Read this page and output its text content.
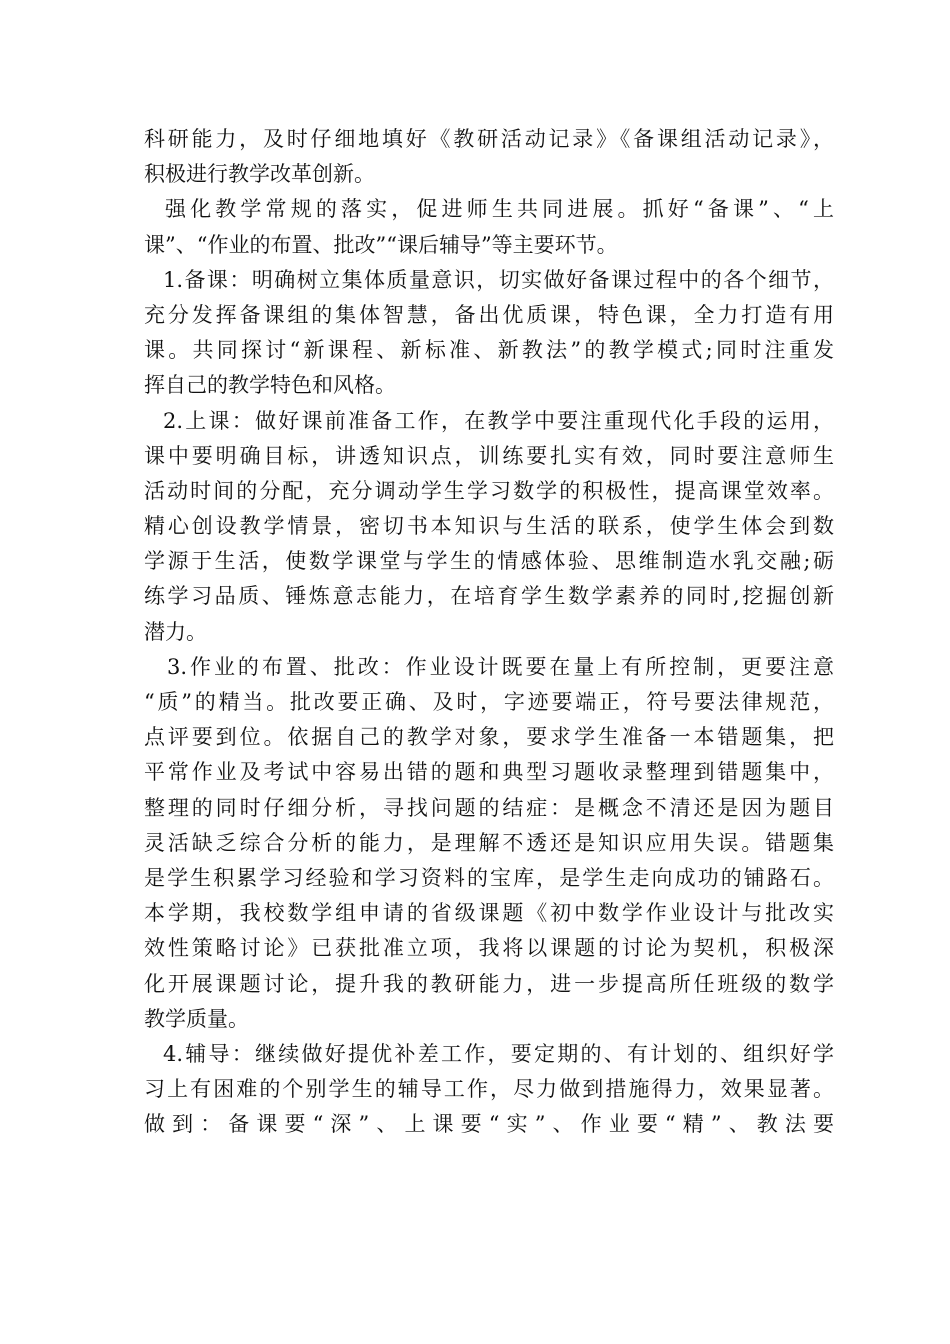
科研能力，及时仔细地填好《教研活动记录》《备课组活动记录》，
积极进行教学改革创新。
强化教学常规的落实，促进师生共同进展。抓好“备课”、“上
课”、“作业的布置、批改”“课后辅导”等主要环节。
1.备课：明确树立集体质量意识，切实做好备课过程中的各个细节，
充分发挥备课组的集体智慧，备出优质课，特色课，全力打造有用
课。共同探讨“新课程、新标准、新教法”的教学模式;同时注重发
挥自己的教学特色和风格。
2.上课：做好课前准备工作，在教学中要注重现代化手段的运用，
课中要明确目标，讲透知识点，训练要扎实有效，同时要注意师生
活动时间的分配，充分调动学生学习数学的积极性，提高课堂效率。
精心创设教学情景，密切书本知识与生活的联系，使学生体会到数
学源于生活，使数学课堂与学生的情感体验、思维制造水乳交融;砺
练学习品质、锤炼意志能力，在培育学生数学素养的同时,挖掘创新
潜力。
3.作业的布置、批改：作业设计既要在量上有所控制，更要注意
“质”的精当。批改要正确、及时，字迹要端正，符号要法律规范，
点评要到位。依据自己的教学对象，要求学生准备一本错题集，把
平常作业及考试中容易出错的题和典型习题收录整理到错题集中，
整理的同时仔细分析，寻找问题的结症：是概念不清还是因为题目
灵活缺乏综合分析的能力，是理解不透还是知识应用失误。错题集
是学生积累学习经验和学习资料的宝库，是学生走向成功的铺路石。
本学期，我校数学组申请的省级课题《初中数学作业设计与批改实
效性策略讨论》已获批准立项，我将以课题的讨论为契机，积极深
化开展课题讨论，提升我的教研能力，进一步提高所任班级的数学
教学质量。
4.辅导：继续做好提优补差工作，要定期的、有计划的、组织好学
习上有困难的个别学生的辅导工作，尽力做到措施得力，效果显著。
做到：备课要“深”、上课要“实”、作业要“精”、教法要
